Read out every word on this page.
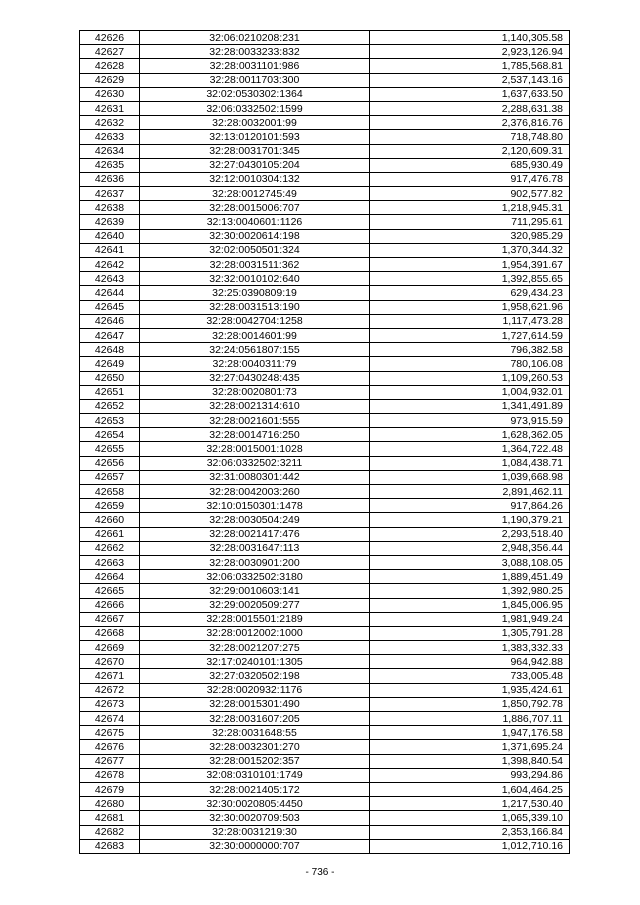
42626	32:06:0210208:231	1,140,305.58
42627	32:28:0033233:832	2,923,126.94
42628	32:28:0031101:986	1,785,568.81
42629	32:28:0011703:300	2,537,143.16
42630	32:02:0530302:1364	1,637,633.50
42631	32:06:0332502:1599	2,288,631.38
42632	32:28:0032001:99	2,376,816.76
42633	32:13:0120101:593	718,748.80
42634	32:28:0031701:345	2,120,609.31
42635	32:27:0430105:204	685,930.49
42636	32:12:0010304:132	917,476.78
42637	32:28:0012745:49	902,577.82
42638	32:28:0015006:707	1,218,945.31
42639	32:13:0040601:1126	711,295.61
42640	32:30:0020614:198	320,985.29
42641	32:02:0050501:324	1,370,344.32
42642	32:28:0031511:362	1,954,391.67
42643	32:32:0010102:640	1,392,855.65
42644	32:25:0390809:19	629,434.23
42645	32:28:0031513:190	1,958,621.96
42646	32:28:0042704:1258	1,117,473.28
42647	32:28:0014601:99	1,727,614.59
42648	32:24:0561807:155	796,382.58
42649	32:28:0040311:79	780,106.08
42650	32:27:0430248:435	1,109,260.53
42651	32:28:0020801:73	1,004,932.01
42652	32:28:0021314:610	1,341,491.89
42653	32:28:0021601:555	973,915.59
42654	32:28:0014716:250	1,628,362.05
42655	32:28:0015001:1028	1,364,722.48
42656	32:06:0332502:3211	1,084,438.71
42657	32:31:0080301:442	1,039,668.98
42658	32:28:0042003:260	2,891,462.11
42659	32:10:0150301:1478	917,864.26
42660	32:28:0030504:249	1,190,379.21
42661	32:28:0021417:476	2,293,518.40
42662	32:28:0031647:113	2,948,356.44
42663	32:28:0030901:200	3,088,108.05
42664	32:06:0332502:3180	1,889,451.49
42665	32:29:0010603:141	1,392,980.25
42666	32:29:0020509:277	1,845,006.95
42667	32:28:0015501:2189	1,981,949.24
42668	32:28:0012002:1000	1,305,791.28
42669	32:28:0021207:275	1,383,332.33
42670	32:17:0240101:1305	964,942.88
42671	32:27:0320502:198	733,005.48
42672	32:28:0020932:1176	1,935,424.61
42673	32:28:0015301:490	1,850,792.78
42674	32:28:0031607:205	1,886,707.11
42675	32:28:0031648:55	1,947,176.58
42676	32:28:0032301:270	1,371,695.24
42677	32:28:0015202:357	1,398,840.54
42678	32:08:0310101:1749	993,294.86
42679	32:28:0021405:172	1,604,464.25
42680	32:30:0020805:4450	1,217,530.40
42681	32:30:0020709:503	1,065,339.10
42682	32:28:0031219:30	2,353,166.84
42683	32:30:0000000:707	1,012,710.16
- 736 -
